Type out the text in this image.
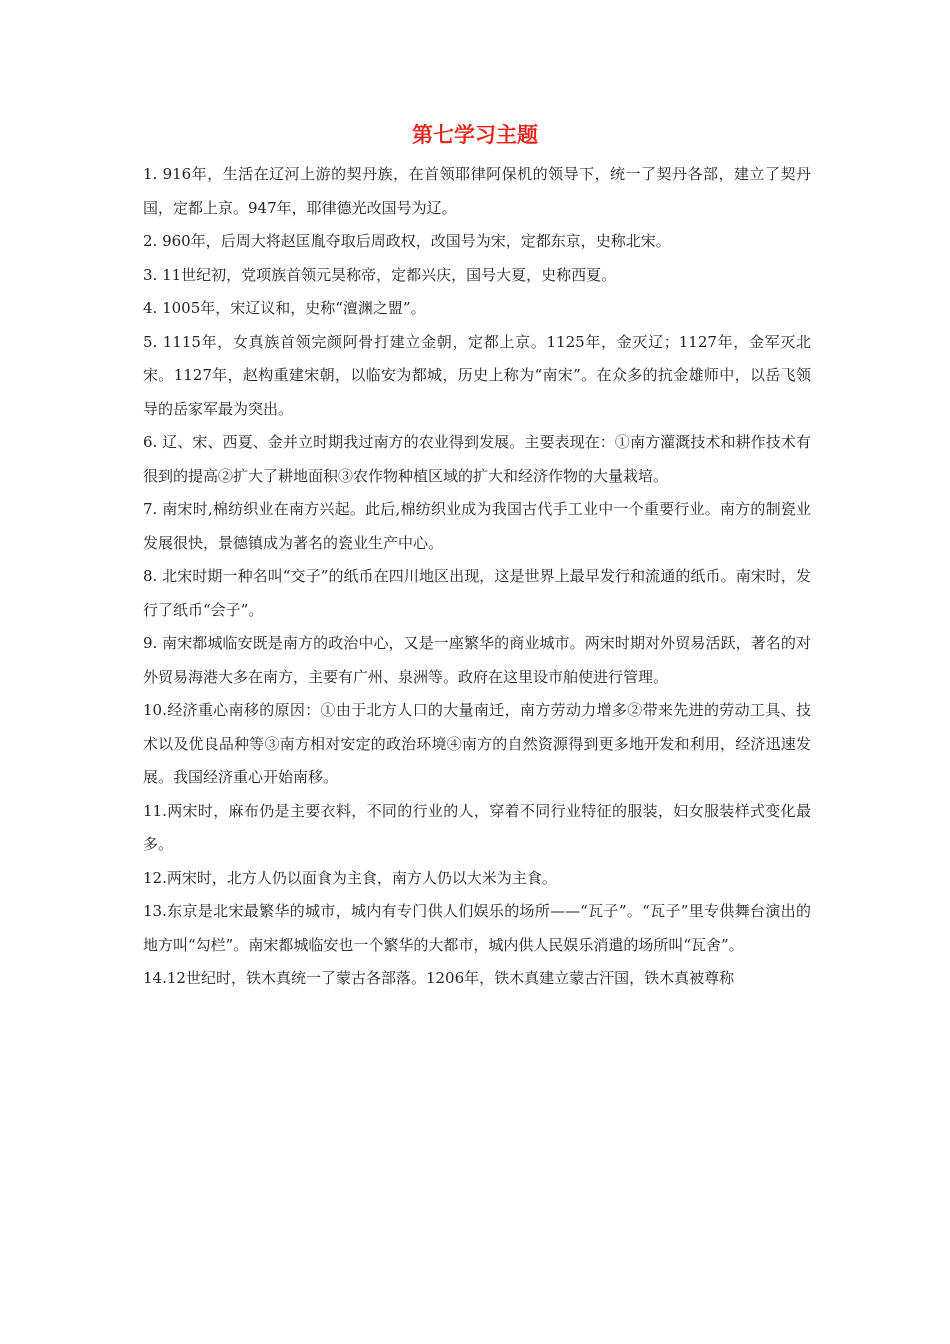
第七学习主题

1. 916年，生活在辽河上游的契丹族，在首领耶律阿保机的领导下，统一了契丹各部，建立了契丹国，定都上京。947年，耶律德光改国号为辽。

2. 960年，后周大将赵匡胤夺取后周政权，改国号为宋，定都东京，史称北宋。

3. 11世纪初，党项族首领元昊称帝，定都兴庆，国号大夏，史称西夏。

4. 1005年，宋辽议和，史称“澶渊之盟”。

5. 1115年，女真族首领完颜阿骨打建立金朝，定都上京。1125年，金灭辽；1127年，金军灭北宋。1127年，赵构重建宋朝，以临安为都城，历史上称为“南宋”。在众多的抗金雄师中，以岳飞领导的岳家军最为突出。

6. 辽、宋、西夏、金并立时期我过南方的农业得到发展。主要表现在：①南方灌溉技术和耕作技术有很到的提高②扩大了耕地面积③农作物种植区域的扩大和经济作物的大量栽培。

7. 南宋时,棉纺织业在南方兴起。此后,棉纺织业成为我国古代手工业中一个重要行业。南方的制瓷业发展很快，景德镇成为著名的瓷业生产中心。

8. 北宋时期一种名叫“交子”的纸币在四川地区出现，这是世界上最早发行和流通的纸币。南宋时，发行了纸币“会子”。

9. 南宋都城临安既是南方的政治中心，又是一座繁华的商业城市。两宋时期对外贸易活跃，著名的对外贸易海港大多在南方，主要有广州、泉洲等。政府在这里设市舶使进行管理。

10.经济重心南移的原因：①由于北方人口的大量南迁，南方劳动力增多②带来先进的劳动工具、技术以及优良品种等③南方相对安定的政治环境④南方的自然资源得到更多地开发和利用，经济迅速发展。我国经济重心开始南移。

11.两宋时，麻布仍是主要衣料，不同的行业的人，穿着不同行业特征的服装，妇女服装样式变化最多。

12.两宋时，北方人仍以面食为主食，南方人仍以大米为主食。

13.东京是北宋最繁华的城市，城内有专门供人们娱乐的场所——“瓦子”。“瓦子”里专供舞台演出的地方叫“勾栏”。南宋都城临安也一个繁华的大都市，城内供人民娱乐消遣的场所叫“瓦舍”。

14.12世纪时，铁木真统一了蒙古各部落。1206年，铁木真建立蒙古汗国，铁木真被尊称
